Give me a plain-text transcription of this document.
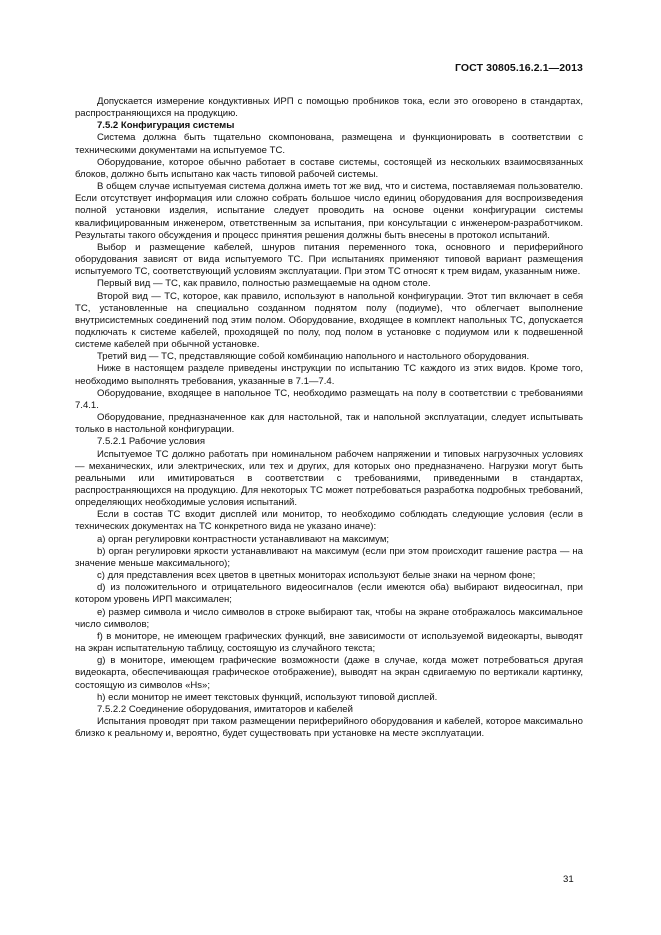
ГОСТ 30805.16.2.1—2013

Допускается измерение кондуктивных ИРП с помощью пробников тока, если это оговорено в стандартах, распространяющихся на продукцию.

7.5.2 Конфигурация системы

Система должна быть тщательно скомпонована, размещена и функционировать в соответствии с техническими документами на испытуемое ТС.

Оборудование, которое обычно работает в составе системы, состоящей из нескольких взаимосвязанных блоков, должно быть испытано как часть типовой рабочей системы.

В общем случае испытуемая система должна иметь тот же вид, что и система, поставляемая пользователю. Если отсутствует информация или сложно собрать большое число единиц оборудования для воспроизведения полной установки изделия, испытание следует проводить на основе оценки конфигурации системы квалифицированным инженером, ответственным за испытания, при консультации с инженером-разработчиком. Результаты такого обсуждения и процесс принятия решения должны быть внесены в протокол испытаний.

Выбор и размещение кабелей, шнуров питания переменного тока, основного и периферийного оборудования зависят от вида испытуемого ТС. При испытаниях применяют типовой вариант размещения испытуемого ТС, соответствующий условиям эксплуатации. При этом ТС относят к трем видам, указанным ниже.

Первый вид — ТС, как правило, полностью размещаемые на одном столе.

Второй вид — ТС, которое, как правило, используют в напольной конфигурации. Этот тип включает в себя ТС, установленные на специально созданном поднятом полу (подиуме), что облегчает выполнение внутрисистемных соединений под этим полом. Оборудование, входящее в комплект напольных ТС, допускается подключать к системе кабелей, проходящей по полу, под полом в установке с подиумом или к подвешенной системе кабелей при обычной установке.

Третий вид — ТС, представляющие собой комбинацию напольного и настольного оборудования.

Ниже в настоящем разделе приведены инструкции по испытанию ТС каждого из этих видов. Кроме того, необходимо выполнять требования, указанные в 7.1—7.4.

Оборудование, входящее в напольное ТС, необходимо размещать на полу в соответствии с требованиями 7.4.1.

Оборудование, предназначенное как для настольной, так и напольной эксплуатации, следует испытывать только в настольной конфигурации.

7.5.2.1 Рабочие условия

Испытуемое ТС должно работать при номинальном рабочем напряжении и типовых нагрузочных условиях — механических, или электрических, или тех и других, для которых оно предназначено. Нагрузки могут быть реальными или имитироваться в соответствии с требованиями, приведенными в стандартах, распространяющихся на продукцию. Для некоторых ТС может потребоваться разработка подробных требований, определяющих необходимые условия испытаний.

Если в состав ТС входит дисплей или монитор, то необходимо соблюдать следующие условия (если в технических документах на ТС конкретного вида не указано иначе):

а) орган регулировки контрастности устанавливают на максимум;

b) орган регулировки яркости устанавливают на максимум (если при этом происходит гашение растра — на значение меньше максимального);

c) для представления всех цветов в цветных мониторах используют белые знаки на черном фоне;

d) из положительного и отрицательного видеосигналов (если имеются оба) выбирают видеосигнал, при котором уровень ИРП максимален;

е) размер символа и число символов в строке выбирают так, чтобы на экране отображалось максимальное число символов;

f) в мониторе, не имеющем графических функций, вне зависимости от используемой видеокарты, выводят на экран испытательную таблицу, состоящую из случайного текста;

g) в мониторе, имеющем графические возможности (даже в случае, когда может потребоваться другая видеокарта, обеспечивающая графическое отображение), выводят на экран сдвигаемую по вертикали картинку, состоящую из символов «Hs»;

h) если монитор не имеет текстовых функций, используют типовой дисплей.

7.5.2.2 Соединение оборудования, имитаторов и кабелей

Испытания проводят при таком размещении периферийного оборудования и кабелей, которое максимально близко к реальному и, вероятно, будет существовать при установке на месте эксплуатации.

31
